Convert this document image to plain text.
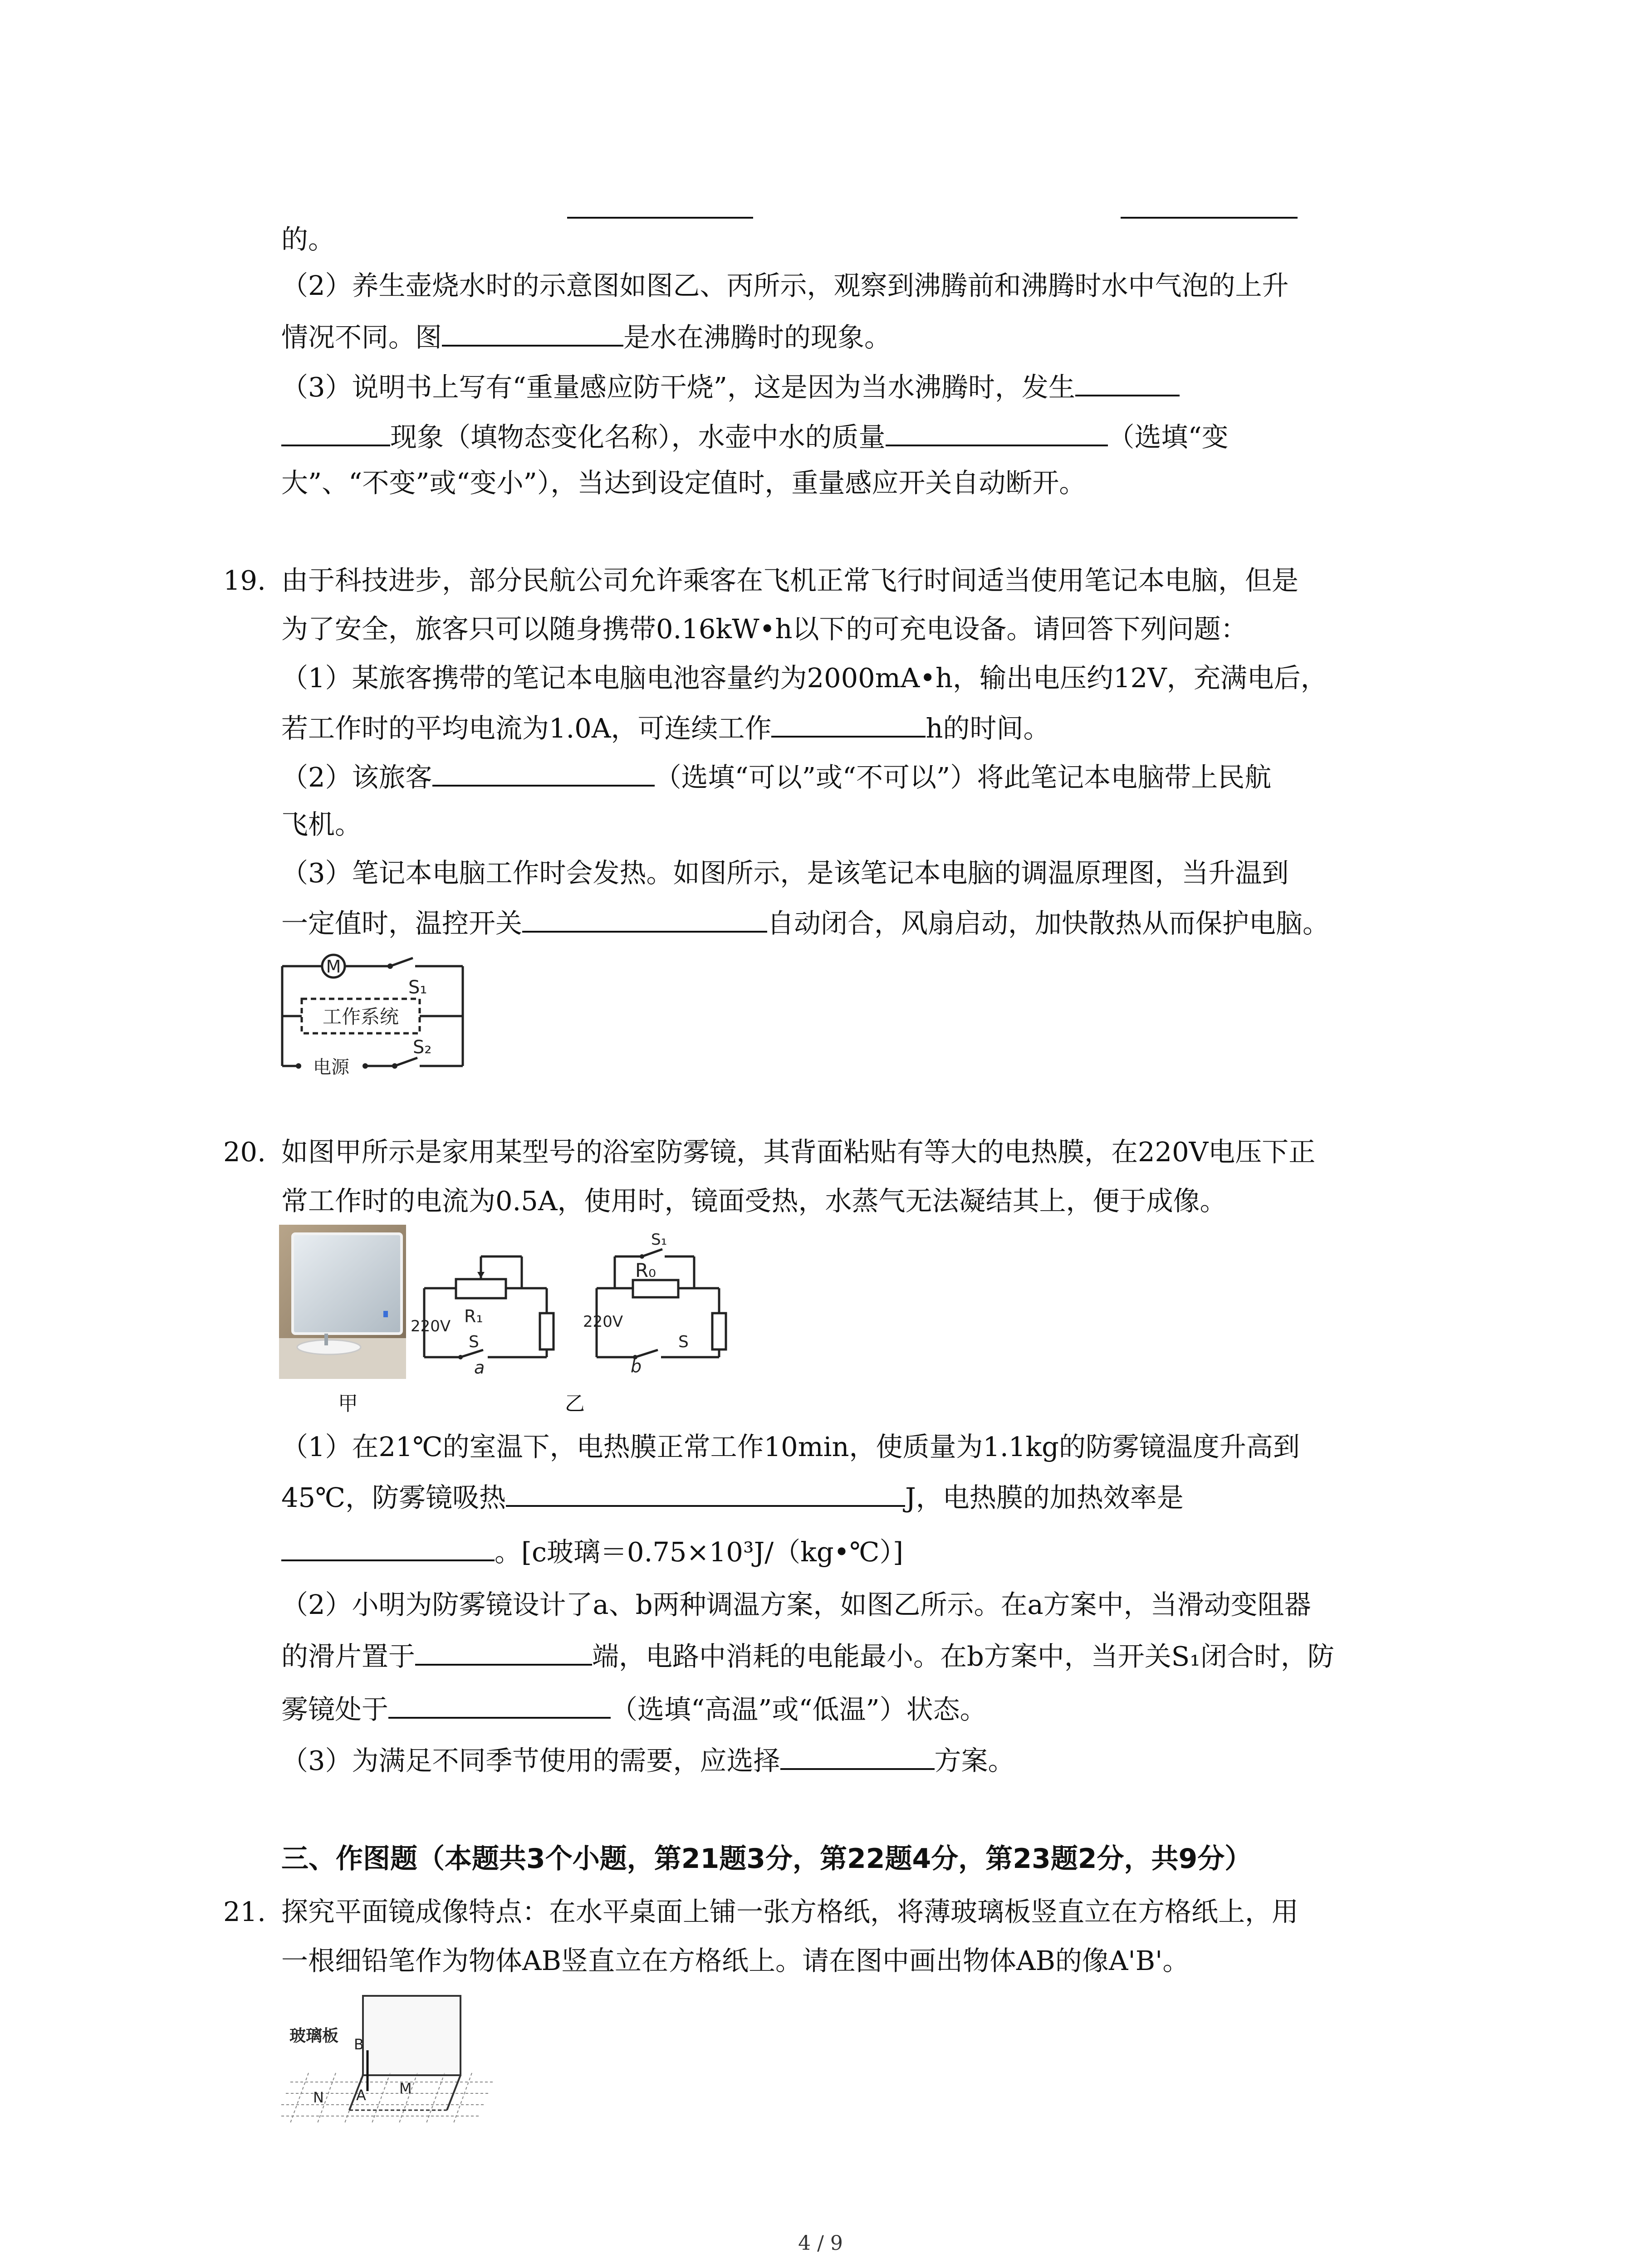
的。
（2）养生壶烧水时的示意图如图乙、丙所示，观察到沸腾前和沸腾时水中气泡的上升
情况不同。图	是水在沸腾时的现象。
（3）说明书上写有“重量感应防干烧”，这是因为当水沸腾时，发生
现象（填物态变化名称），水壶中水的质量	（选填“变
大”、“不变”或“变小”），当达到设定值时，重量感应开关自动断开。
19. 由于科技进步，部分民航公司允许乘客在飞机正常飞行时间适当使用笔记本电脑，但是
为了安全，旅客只可以随身携带0.16kW•h以下的可充电设备。请回答下列问题：
（1）某旅客携带的笔记本电脑电池容量约为2000mA•h，输出电压约12V，充满电后，
若工作时的平均电流为1.0A，可连续工作	h的时间。
（2）该旅客	（选填“可以”或“不可以”）将此笔记本电脑带上民航
飞机。
（3）笔记本电脑工作时会发热。如图所示，是该笔记本电脑的调温原理图，当升温到
一定值时，温控开关	自动闭合，风扇启动，加快散热从而保护电脑。
M
S₁
工作系统
电源
S₂
20. 如图甲所示是家用某型号的浴室防雾镜，其背面粘贴有等大的电热膜，在220V电压下正
常工作时的电流为0.5A，使用时，镜面受热，水蒸气无法凝结其上，便于成像。
220V R₁
S
a
S₁
220V
R₀
S
b
甲	乙
（1）在21℃的室温下，电热膜正常工作10min，使质量为1.1kg的防雾镜温度升高到
45℃，防雾镜吸热	J，电热膜的加热效率是
。[c玻璃＝0.75×10³J/（kg•℃）]
（2）小明为防雾镜设计了a、b两种调温方案，如图乙所示。在a方案中，当滑动变阻器
的滑片置于	端，电路中消耗的电能最小。在b方案中，当开关S₁闭合时，防
雾镜处于	（选填“高温”或“低温”）状态。
（3）为满足不同季节使用的需要，应选择	方案。
三、作图题（本题共3个小题，第21题3分，第22题4分，第23题2分，共9分）
21. 探究平面镜成像特点：在水平桌面上铺一张方格纸，将薄玻璃板竖直立在方格纸上，用
一根细铅笔作为物体AB竖直立在方格纸上。请在图中画出物体AB的像A'B'。
玻璃板 B
A
N
M
4 / 9
